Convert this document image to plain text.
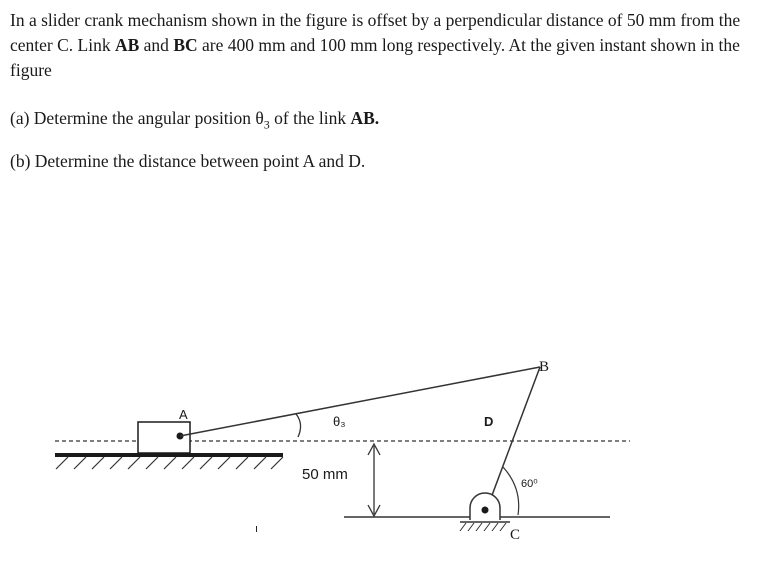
In a slider crank mechanism shown in the figure is offset by a perpendicular distance of 50 mm from the center C. Link AB and BC are 400 mm and 100 mm long respectively. At the given instant shown in the figure

(a) Determine the angular position $\theta_3$ of the link AB.

(b) Determine the distance between point A and D.

A
B
C
D
θ₃
50 mm
60⁰
ı
